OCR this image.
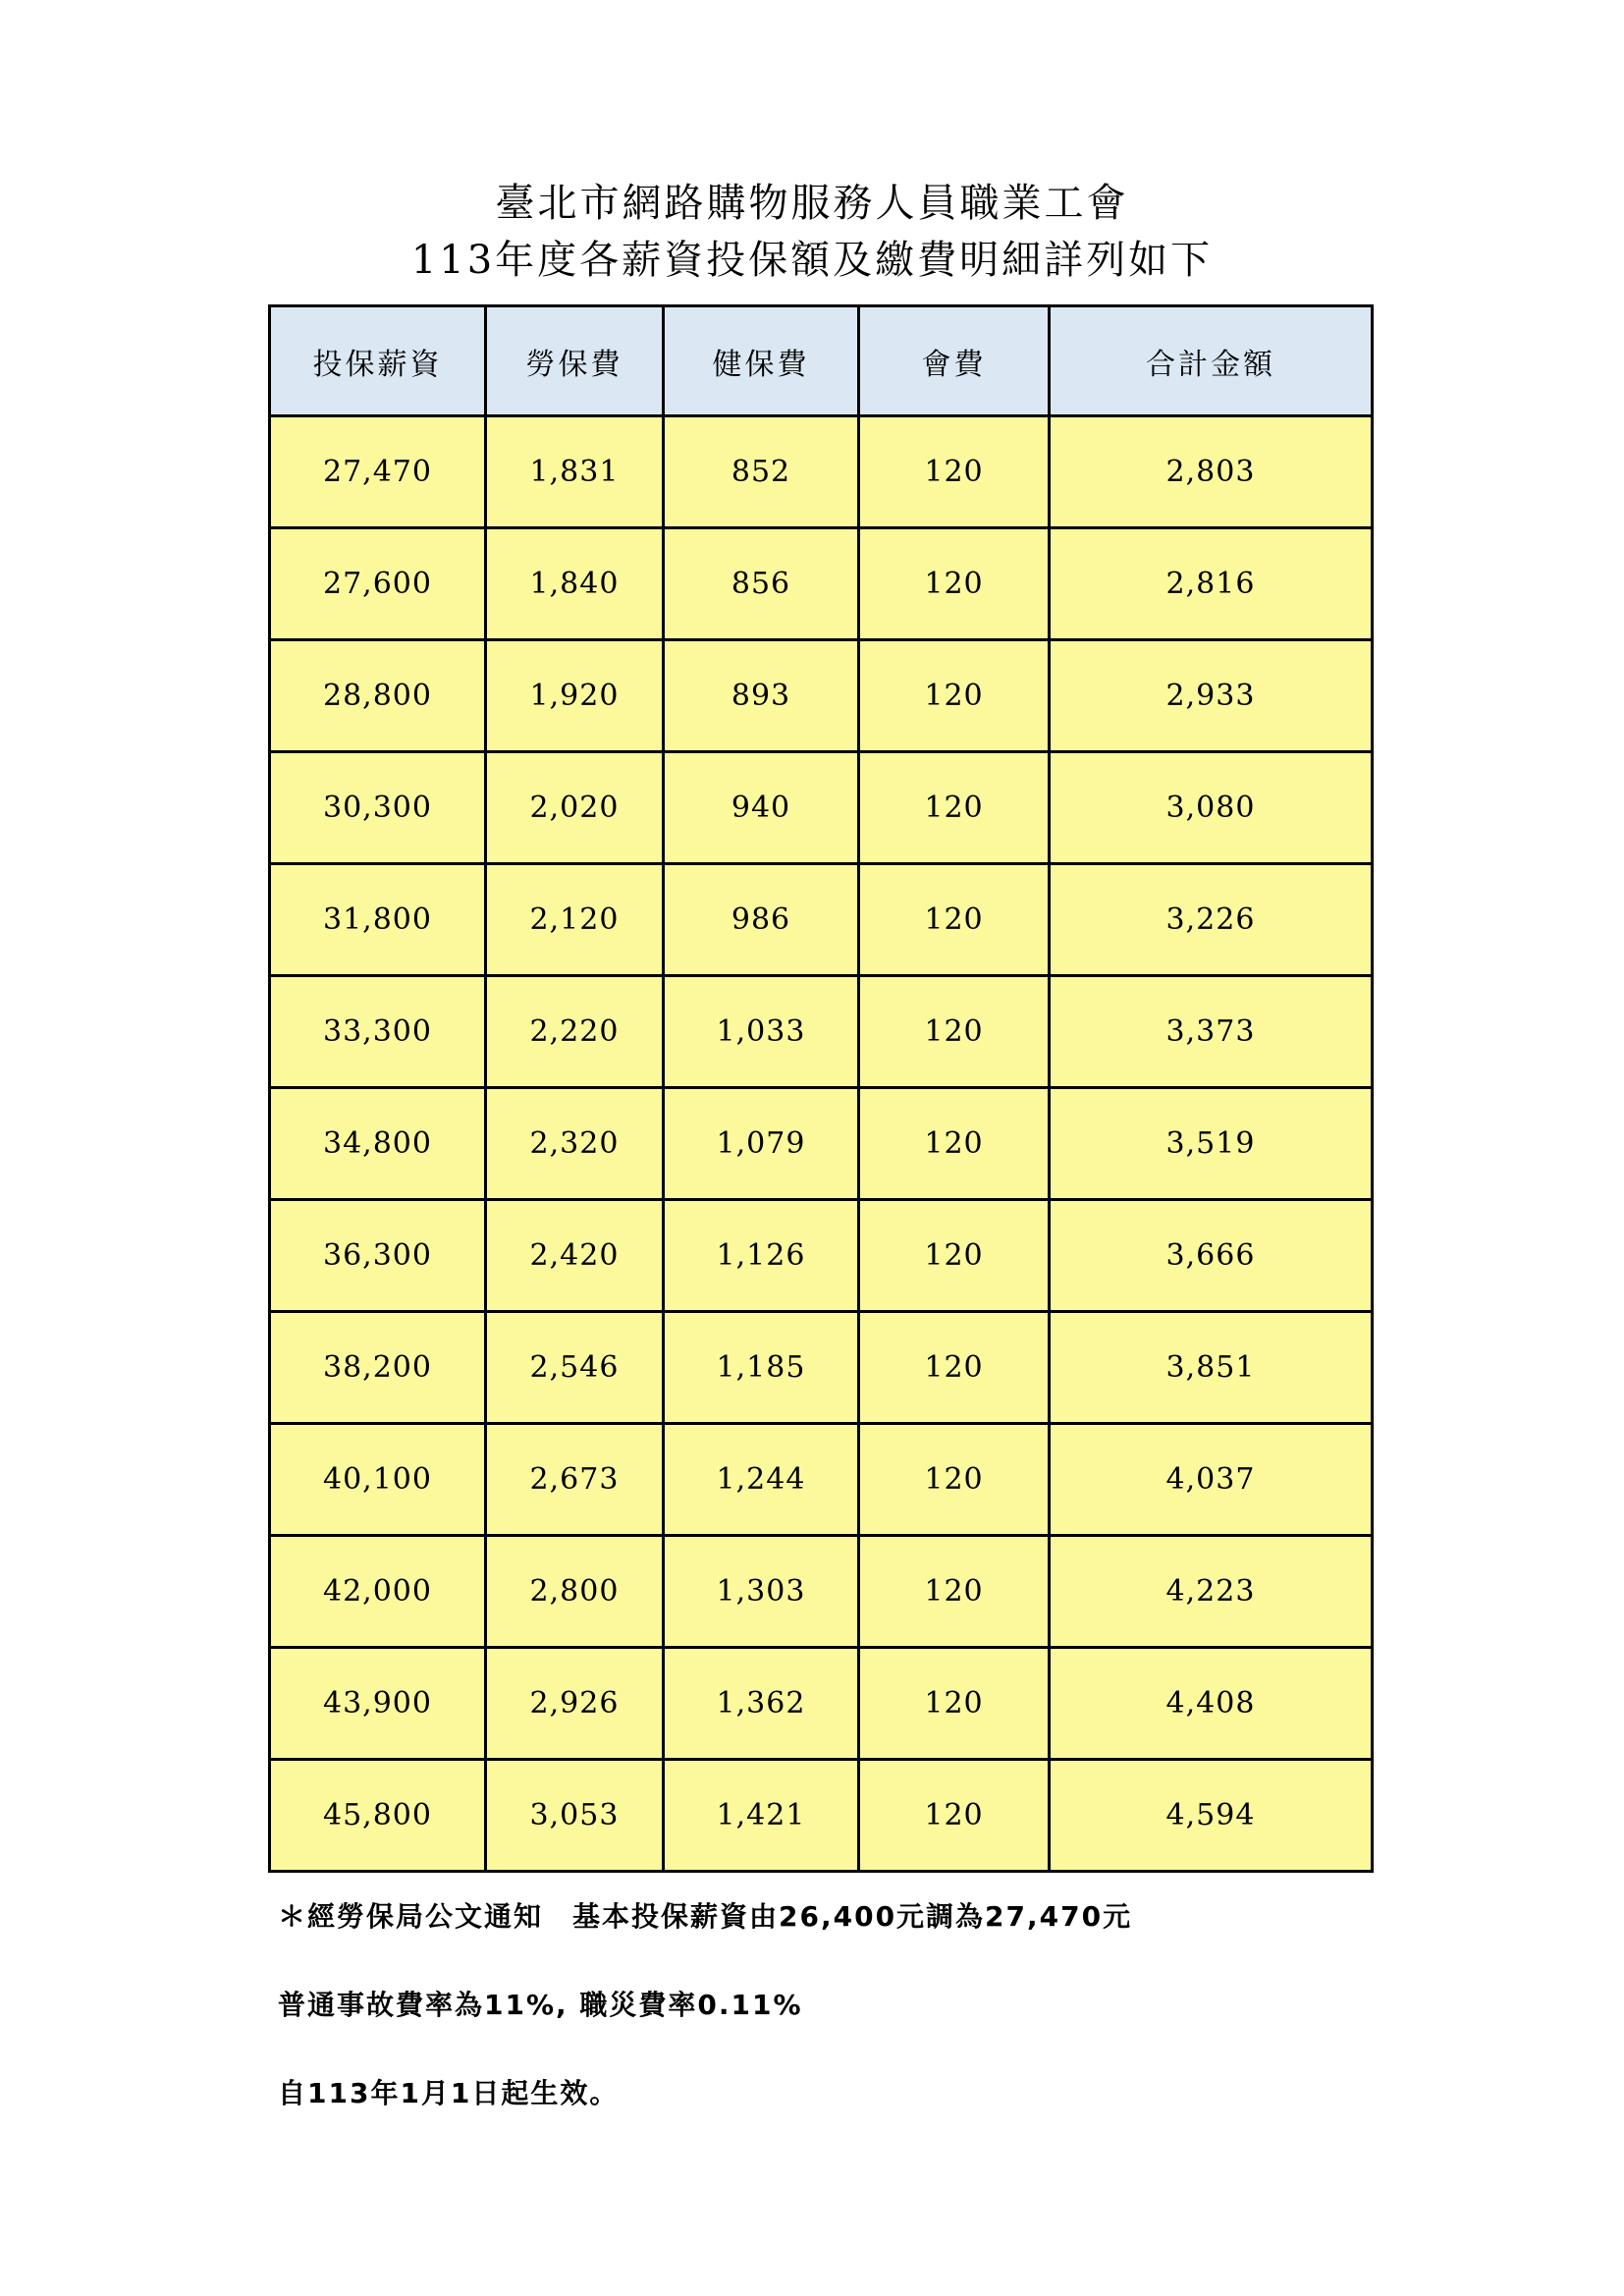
臺北市網路購物服務人員職業工會
113年度各薪資投保額及繳費明細詳列如下
投保薪資	勞保費	健保費	會費	合計金額
27,470	1,831	852	120	2,803
27,600	1,840	856	120	2,816
28,800	1,920	893	120	2,933
30,300	2,020	940	120	3,080
31,800	2,120	986	120	3,226
33,300	2,220	1,033	120	3,373
34,800	2,320	1,079	120	3,519
36,300	2,420	1,126	120	3,666
38,200	2,546	1,185	120	3,851
40,100	2,673	1,244	120	4,037
42,000	2,800	1,303	120	4,223
43,900	2,926	1,362	120	4,408
45,800	3,053	1,421	120	4,594
＊經勞保局公文通知　基本投保薪資由26,400元調為27,470元
普通事故費率為11%, 職災費率0.11%
自113年1月1日起生效。
